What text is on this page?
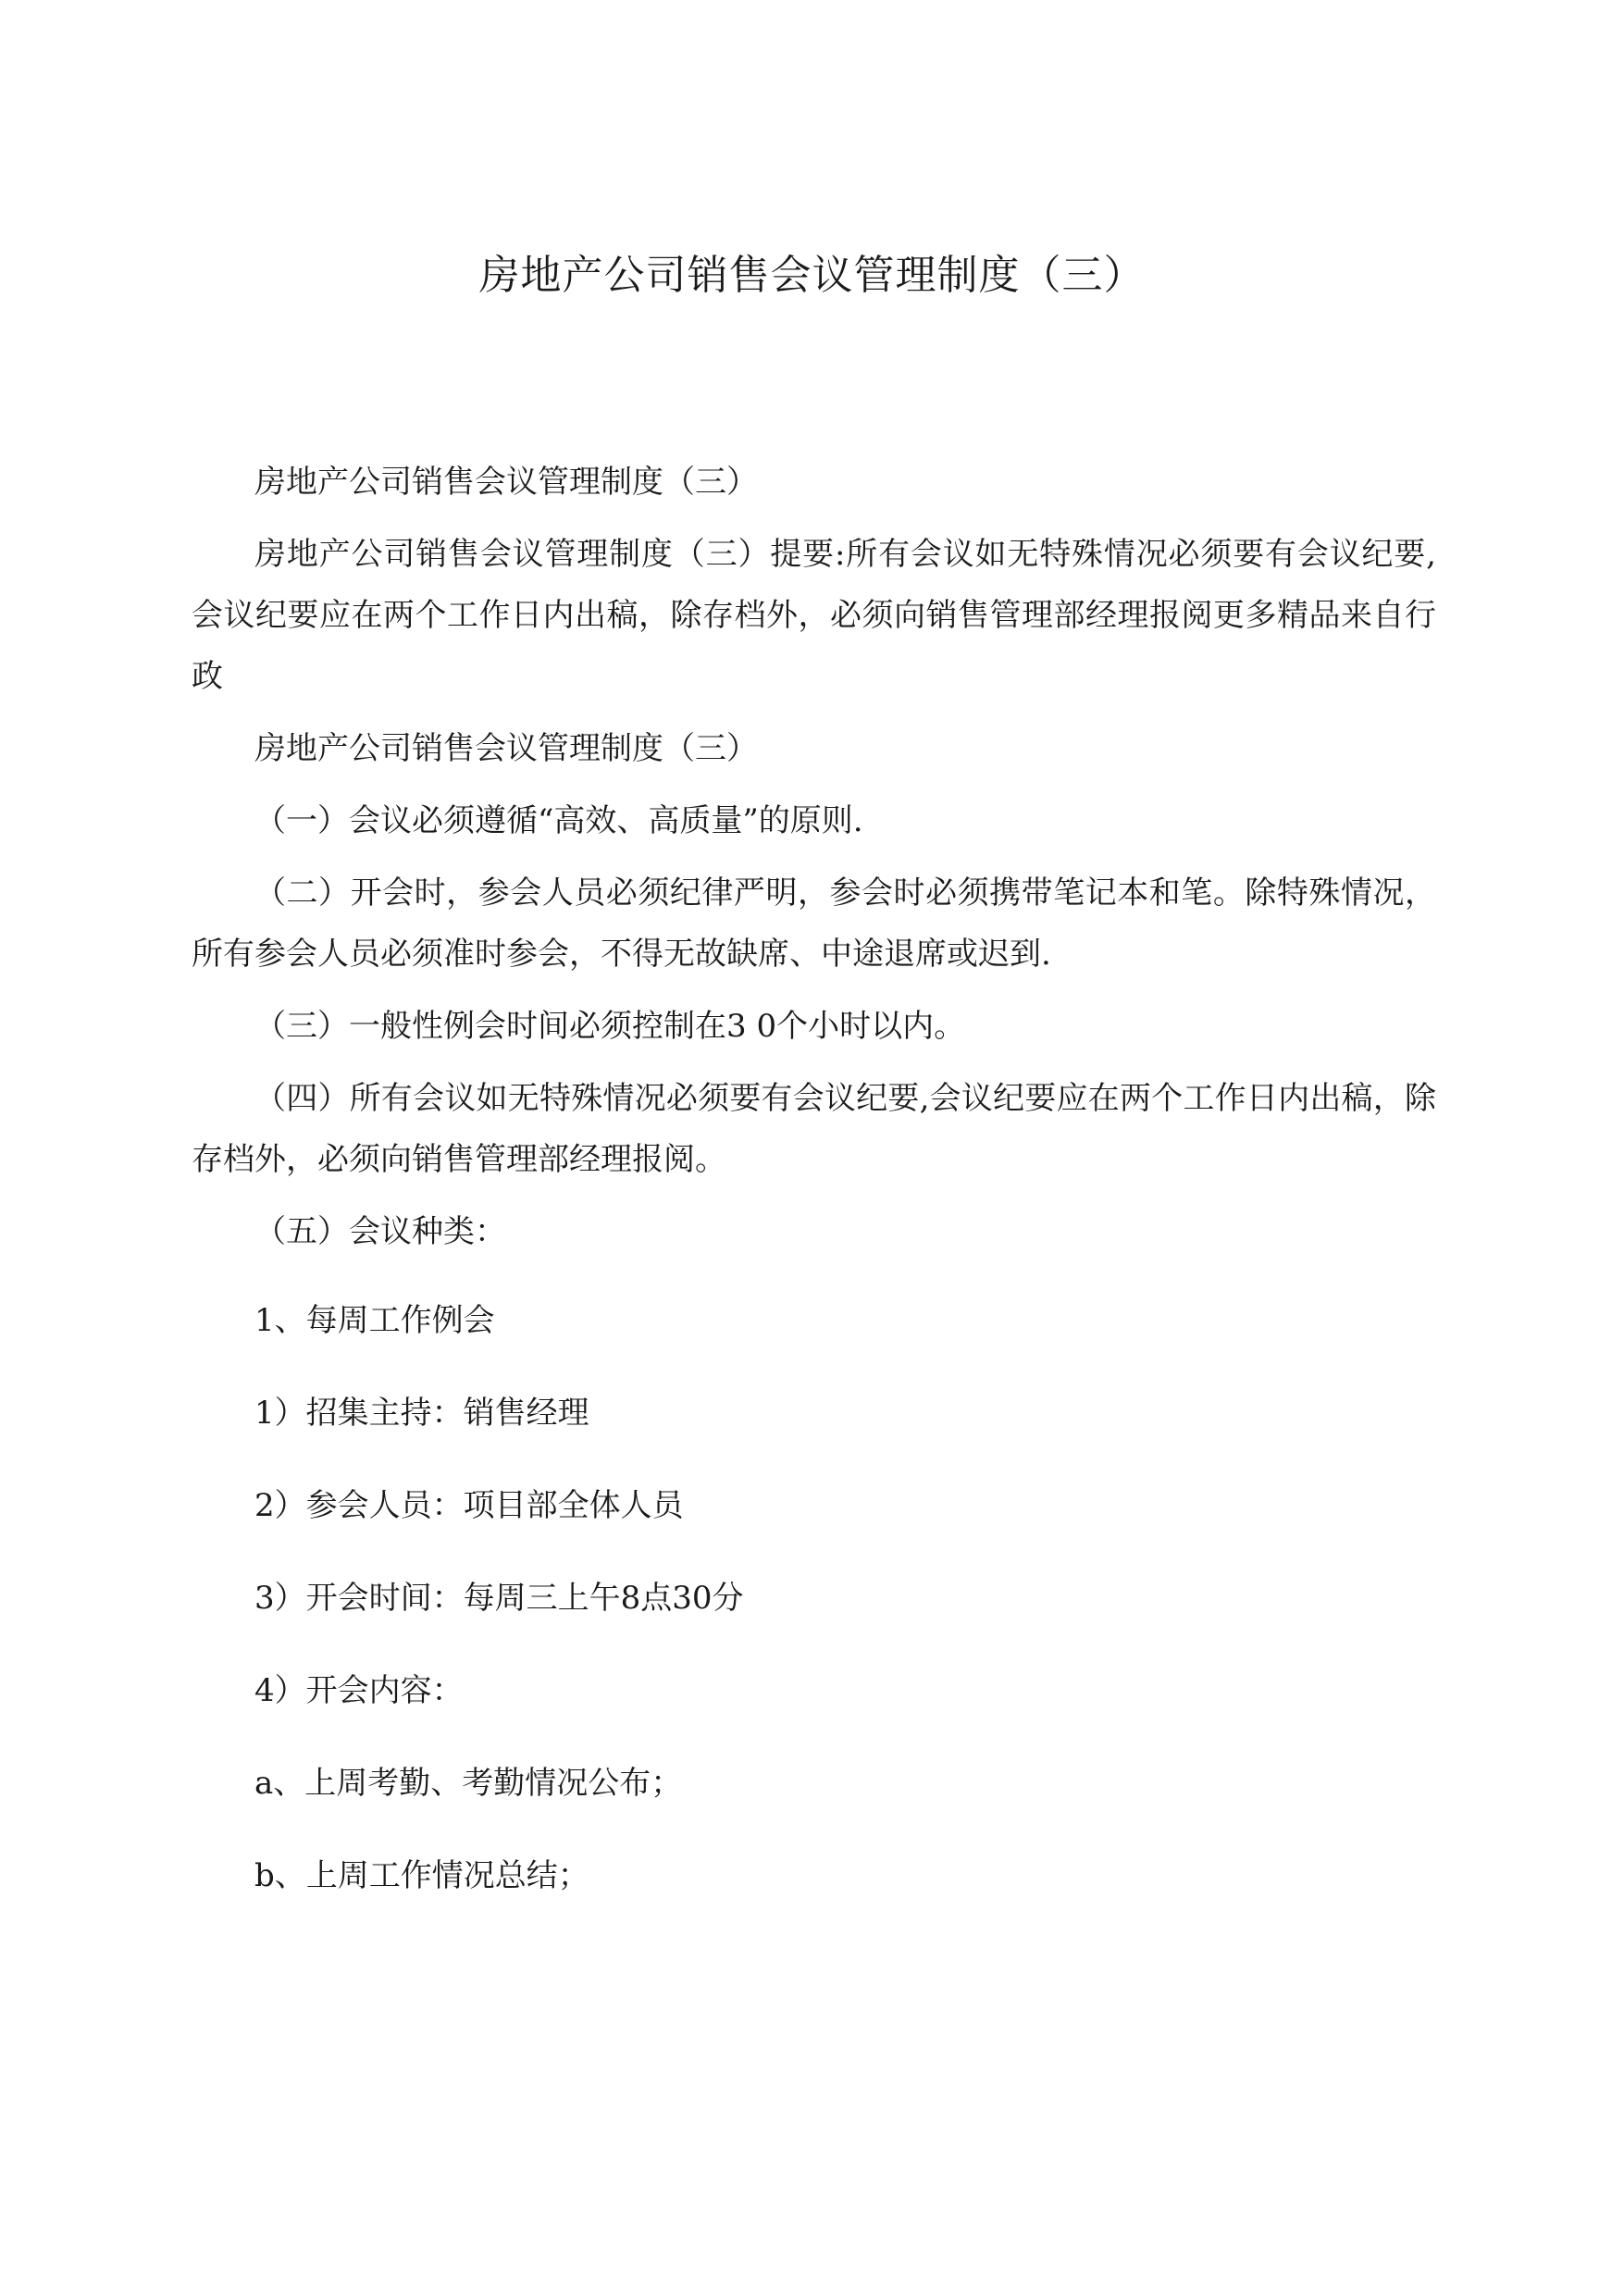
房地产公司销售会议管理制度（三）

房地产公司销售会议管理制度（三）

房地产公司销售会议管理制度（三）提要:所有会议如无特殊情况必须要有会议纪要,会议纪要应在两个工作日内出稿，除存档外，必须向销售管理部经理报阅更多精品来自行政

房地产公司销售会议管理制度（三）

（一）会议必须遵循“高效、高质量”的原则.

（二）开会时，参会人员必须纪律严明，参会时必须携带笔记本和笔。除特殊情况，所有参会人员必须准时参会，不得无故缺席、中途退席或迟到.

（三）一般性例会时间必须控制在3 0个小时以内。

（四）所有会议如无特殊情况必须要有会议纪要,会议纪要应在两个工作日内出稿，除存档外，必须向销售管理部经理报阅。

（五）会议种类：

1、每周工作例会

1）招集主持：销售经理

2）参会人员：项目部全体人员

3）开会时间：每周三上午8点30分

4）开会内容：

a、上周考勤、考勤情况公布；

b、上周工作情况总结；
